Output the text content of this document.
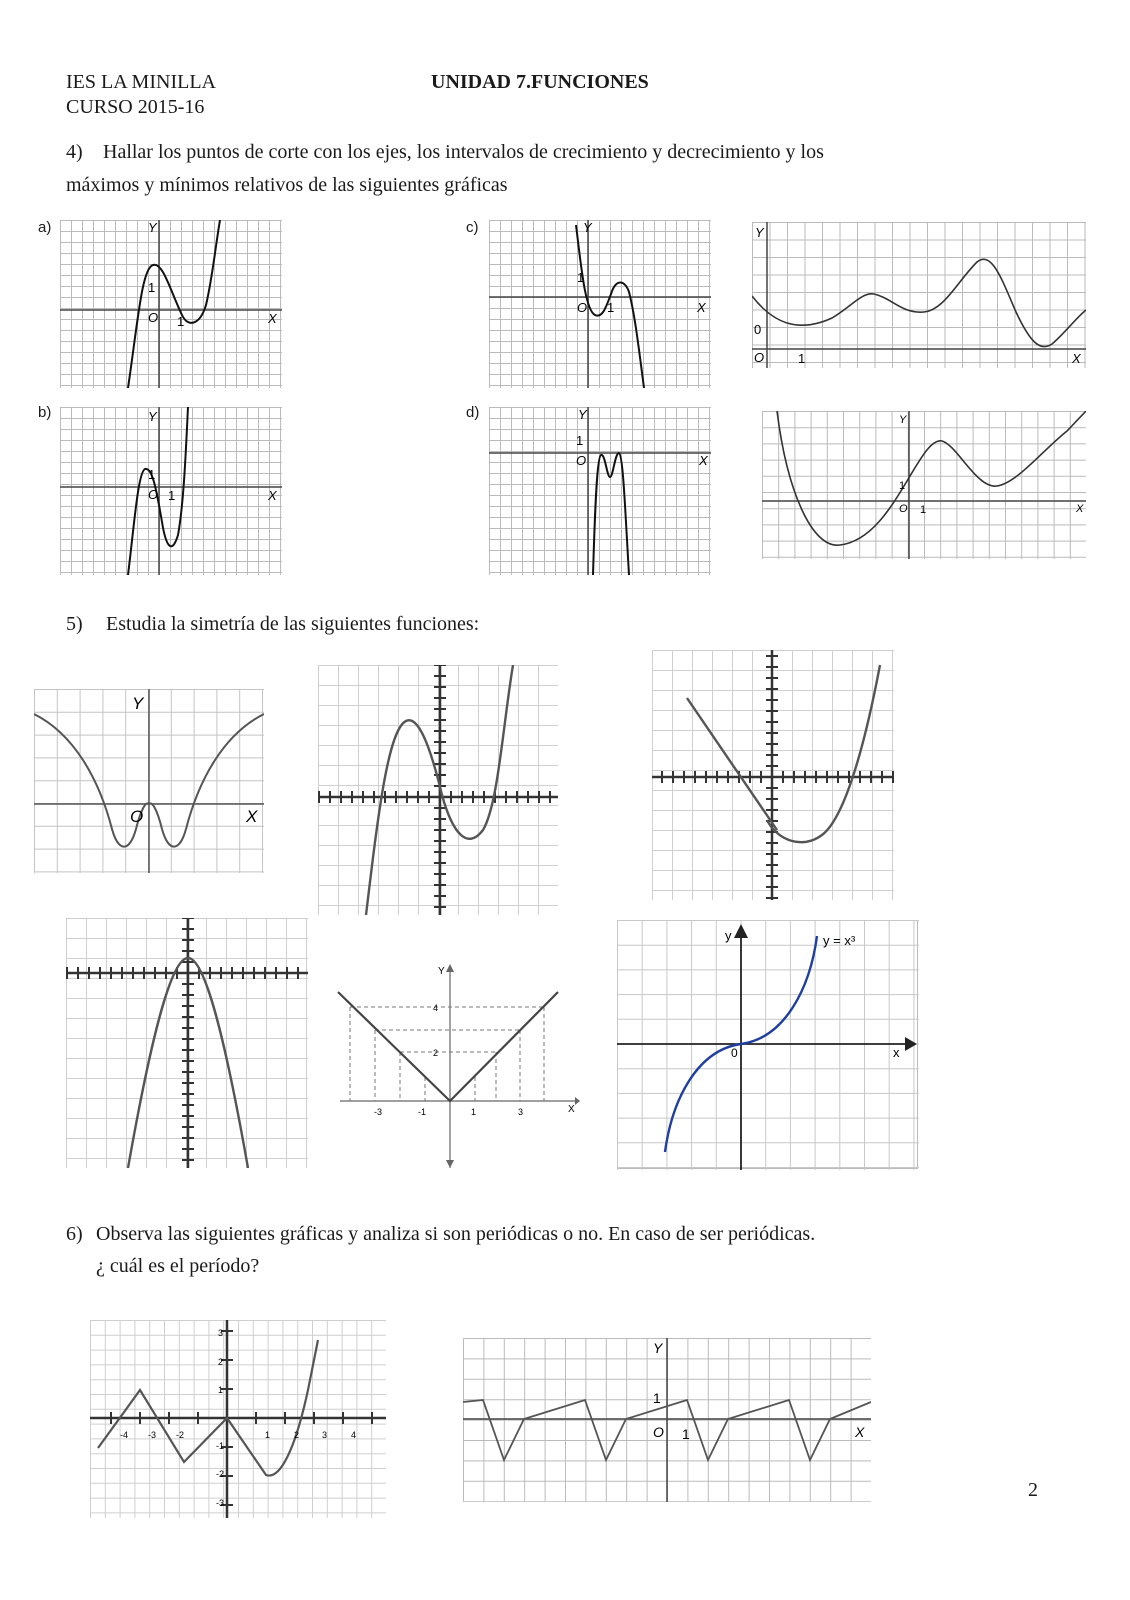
IES LA MINILLA
CURSO 2015-16
UNIDAD 7.FUNCIONES
4) Hallar los puntos de corte con los ejes, los intervalos de crecimiento y decrecimiento y los
máximos y mínimos relativos de las siguientes gráficas
a)	c)
b)	d)
Y
1
O 1	X
Y
1
O 1	X
Y
0
O	1	X
Y
1
O 1	X
Y
1
O	X
Y
1
O 1	X
5) Estudia la simetría de las siguientes funciones:
Y
O	X
-3	-1	1	3
4
2
Y
X
y
0	x
y = x³
6) Observa las siguientes gráficas y analiza si son periódicas o no. En caso de ser periódicas.
¿ cuál es el período?
-4 -3 -2	1	2	3	4
3
2
1
-1
-2
-3
Y
1
O 1	X
2
